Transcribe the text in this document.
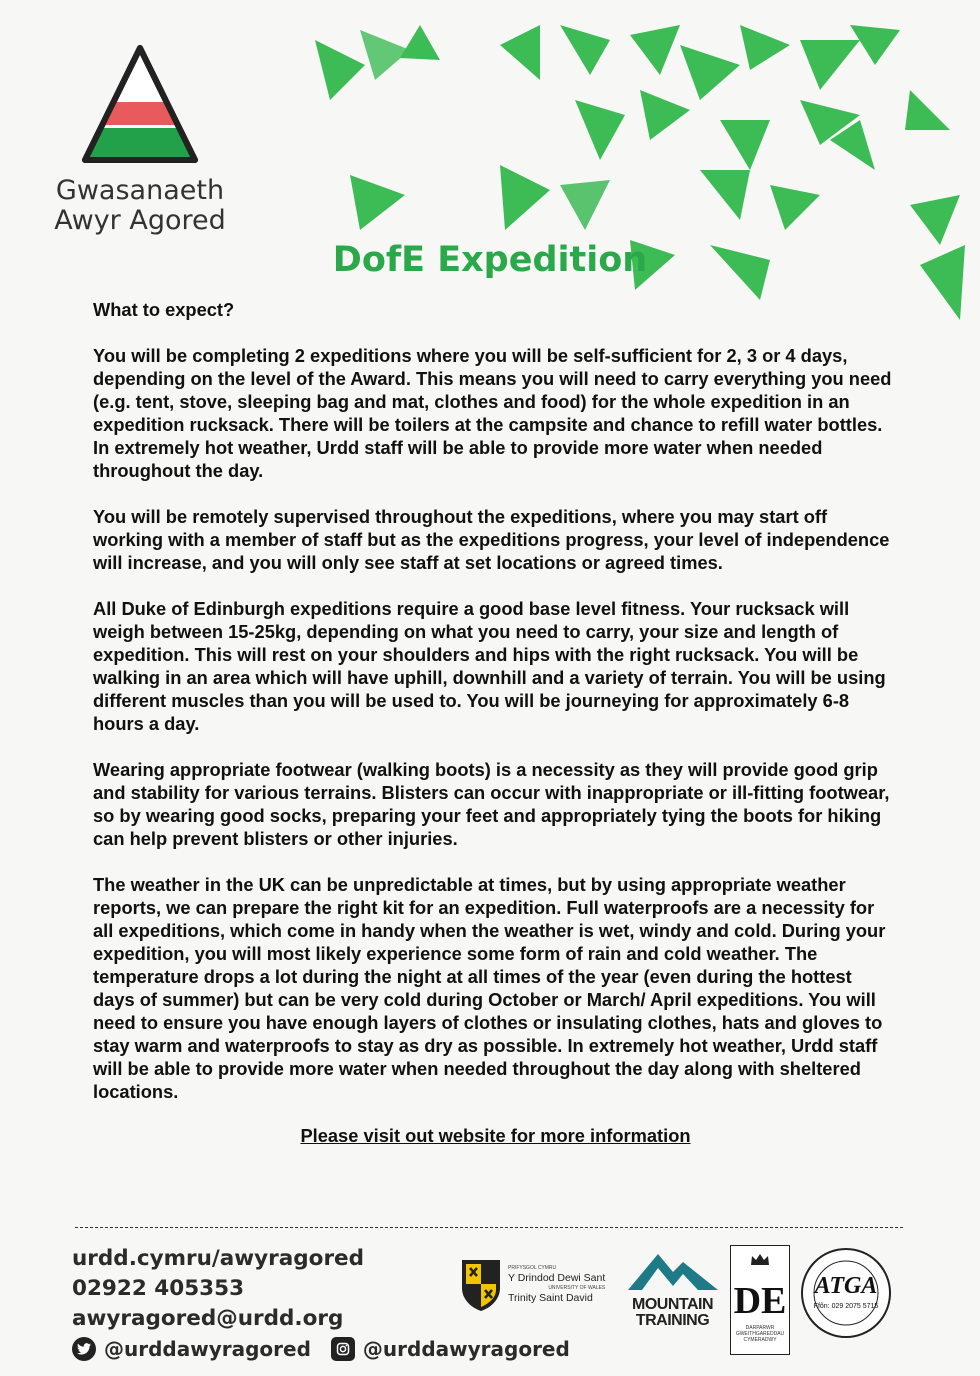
Gwasanaeth
Awyr Agored
DofE Expedition
What to expect?

You will be completing 2 expeditions where you will be self-sufficient for 2, 3 or 4 days, depending on the level of the Award. This means you will need to carry everything you need (e.g. tent, stove, sleeping bag and mat, clothes and food) for the whole expedition in an expedition rucksack. There will be toilers at the campsite and chance to refill water bottles. In extremely hot weather, Urdd staff will be able to provide more water when needed throughout the day.

You will be remotely supervised throughout the expeditions, where you may start off working with a member of staff but as the expeditions progress, your level of independence will increase, and you will only see staff at set locations or agreed times.

All Duke of Edinburgh expeditions require a good base level fitness. Your rucksack will weigh between 15-25kg, depending on what you need to carry, your size and length of expedition. This will rest on your shoulders and hips with the right rucksack. You will be walking in an area which will have uphill, downhill and a variety of terrain. You will be using different muscles than you will be used to. You will be journeying for approximately 6-8 hours a day.

Wearing appropriate footwear (walking boots) is a necessity as they will provide good grip and stability for various terrains. Blisters can occur with inappropriate or ill-fitting footwear, so by wearing good socks, preparing your feet and appropriately tying the boots for hiking can help prevent blisters or other injuries.

The weather in the UK can be unpredictable at times, but by using appropriate weather reports, we can prepare the right kit for an expedition. Full waterproofs are a necessity for all expeditions, which come in handy when the weather is wet, windy and cold. During your expedition, you will most likely experience some form of rain and cold weather. The temperature drops a lot during the night at all times of the year (even during the hottest days of summer) but can be very cold during October or March/ April expeditions. You will need to ensure you have enough layers of clothes or insulating clothes, hats and gloves to stay warm and waterproofs to stay as dry as possible. In extremely hot weather, Urdd staff will be able to provide more water when needed throughout the day along with sheltered locations.

Please visit out website for more information
urdd.cymru/awyragored
02922 405353
awyragored@urdd.org
@urddawyragored	@urddawyragored
PRIFYSGOL CYMRU
Y Drindod Dewi Sant
UNIVERSITY OF WALES
Trinity Saint David	MOUNTAIN
TRAINING DE
DARPARWR GWEITHGAREDDAU CYMERADWY
ATGA
Ffôn: 029 2075 5715
